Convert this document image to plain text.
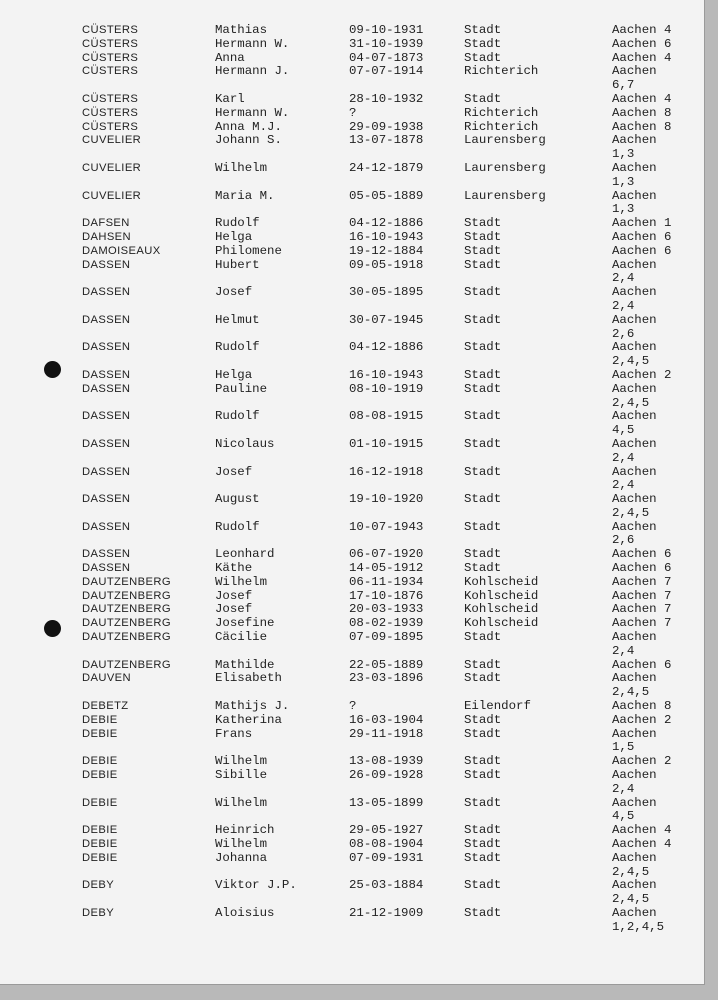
CÜSTERS	Mathias	09-10-1931	Stadt	Aachen 4
CÜSTERS	Hermann W.	31-10-1939	Stadt	Aachen 6
CÜSTERS	Anna	04-07-1873	Stadt	Aachen 4
CÜSTERS	Hermann J.	07-07-1914	Richterich	Aachen
6,7
CÜSTERS	Karl	28-10-1932	Stadt	Aachen 4
CÜSTERS	Hermann W.	?	Richterich	Aachen 8
CÜSTERS	Anna M.J.	29-09-1938	Richterich	Aachen 8
CUVELIER	Johann S.	13-07-1878	Laurensberg	Aachen
1,3
CUVELIER	Wilhelm	24-12-1879	Laurensberg	Aachen
1,3
CUVELIER	Maria M.	05-05-1889	Laurensberg	Aachen
1,3
DAFSEN	Rudolf	04-12-1886	Stadt	Aachen 1
DAHSEN	Helga	16-10-1943	Stadt	Aachen 6
DAMOISEAUX	Philomene	19-12-1884	Stadt	Aachen 6
DASSEN	Hubert	09-05-1918	Stadt	Aachen
2,4
DASSEN	Josef	30-05-1895	Stadt	Aachen
2,4
DASSEN	Helmut	30-07-1945	Stadt	Aachen
2,6
DASSEN	Rudolf	04-12-1886	Stadt	Aachen
2,4,5
DASSEN	Helga	16-10-1943	Stadt	Aachen 2
DASSEN	Pauline	08-10-1919	Stadt	Aachen
2,4,5
DASSEN	Rudolf	08-08-1915	Stadt	Aachen
4,5
DASSEN	Nicolaus	01-10-1915	Stadt	Aachen
2,4
DASSEN	Josef	16-12-1918	Stadt	Aachen
2,4
DASSEN	August	19-10-1920	Stadt	Aachen
2,4,5
DASSEN	Rudolf	10-07-1943	Stadt	Aachen
2,6
DASSEN	Leonhard	06-07-1920	Stadt	Aachen 6
DASSEN	Käthe	14-05-1912	Stadt	Aachen 6
DAUTZENBERG	Wilhelm	06-11-1934	Kohlscheid	Aachen 7
DAUTZENBERG	Josef	17-10-1876	Kohlscheid	Aachen 7
DAUTZENBERG	Josef	20-03-1933	Kohlscheid	Aachen 7
DAUTZENBERG	Josefine	08-02-1939	Kohlscheid	Aachen 7
DAUTZENBERG	Cäcilie	07-09-1895	Stadt	Aachen
2,4
DAUTZENBERG	Mathilde	22-05-1889	Stadt	Aachen 6
DAUVEN	Elisabeth	23-03-1896	Stadt	Aachen
2,4,5
DEBETZ	Mathijs J.	?	Eilendorf	Aachen 8
DEBIE	Katherina	16-03-1904	Stadt	Aachen 2
DEBIE	Frans	29-11-1918	Stadt	Aachen
1,5
DEBIE	Wilhelm	13-08-1939	Stadt	Aachen 2
DEBIE	Sibille	26-09-1928	Stadt	Aachen
2,4
DEBIE	Wilhelm	13-05-1899	Stadt	Aachen
4,5
DEBIE	Heinrich	29-05-1927	Stadt	Aachen 4
DEBIE	Wilhelm	08-08-1904	Stadt	Aachen 4
DEBIE	Johanna	07-09-1931	Stadt	Aachen
2,4,5
DEBY	Viktor J.P.	25-03-1884	Stadt	Aachen
2,4,5
DEBY	Aloisius	21-12-1909	Stadt	Aachen
1,2,4,5
